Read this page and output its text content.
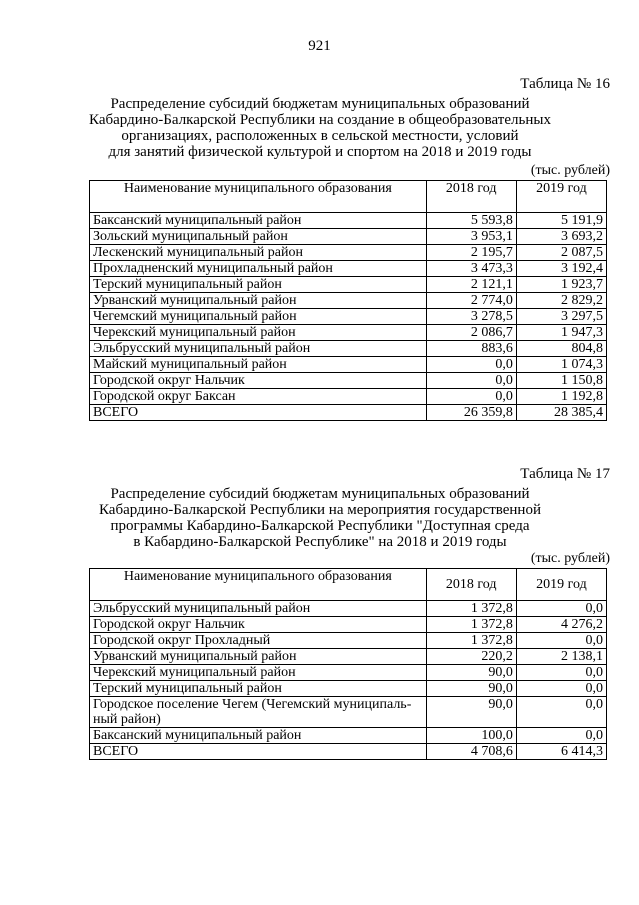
921
Таблица № 16
Распределение субсидий бюджетам муниципальных образований
Кабардино-Балкарской Республики на создание в общеобразовательных
организациях, расположенных в сельской местности, условий
для занятий физической культурой и спортом на 2018 и 2019 годы
(тыс. рублей)
Наименование муниципального образования	2018 год	2019 год
Баксанский муниципальный район	5 593,8	5 191,9
Зольский муниципальный район	3 953,1	3 693,2
Лескенский муниципальный район	2 195,7	2 087,5
Прохладненский муниципальный район	3 473,3	3 192,4
Терский муниципальный район	2 121,1	1 923,7
Урванский муниципальный район	2 774,0	2 829,2
Чегемский муниципальный район	3 278,5	3 297,5
Черекский муниципальный район	2 086,7	1 947,3
Эльбрусский муниципальный район	883,6	804,8
Майский муниципальный район	0,0	1 074,3
Городской округ Нальчик	0,0	1 150,8
Городской округ Баксан	0,0	1 192,8
ВСЕГО	26 359,8	28 385,4
Таблица № 17
Распределение субсидий бюджетам муниципальных образований
Кабардино-Балкарской Республики на мероприятия государственной
программы Кабардино-Балкарской Республики "Доступная среда
в Кабардино-Балкарской Республике" на 2018 и 2019 годы
(тыс. рублей)
Наименование муниципального образования	2018 год	2019 год
Эльбрусский муниципальный район	1 372,8	0,0
Городской округ Нальчик	1 372,8	4 276,2
Городской округ Прохладный	1 372,8	0,0
Урванский муниципальный район	220,2	2 138,1
Черекский муниципальный район	90,0	0,0
Терский муниципальный район	90,0	0,0
Городское поселение Чегем (Чегемский муниципаль-ный район)	90,0	0,0
Баксанский муниципальный район	100,0	0,0
ВСЕГО	4 708,6	6 414,3
